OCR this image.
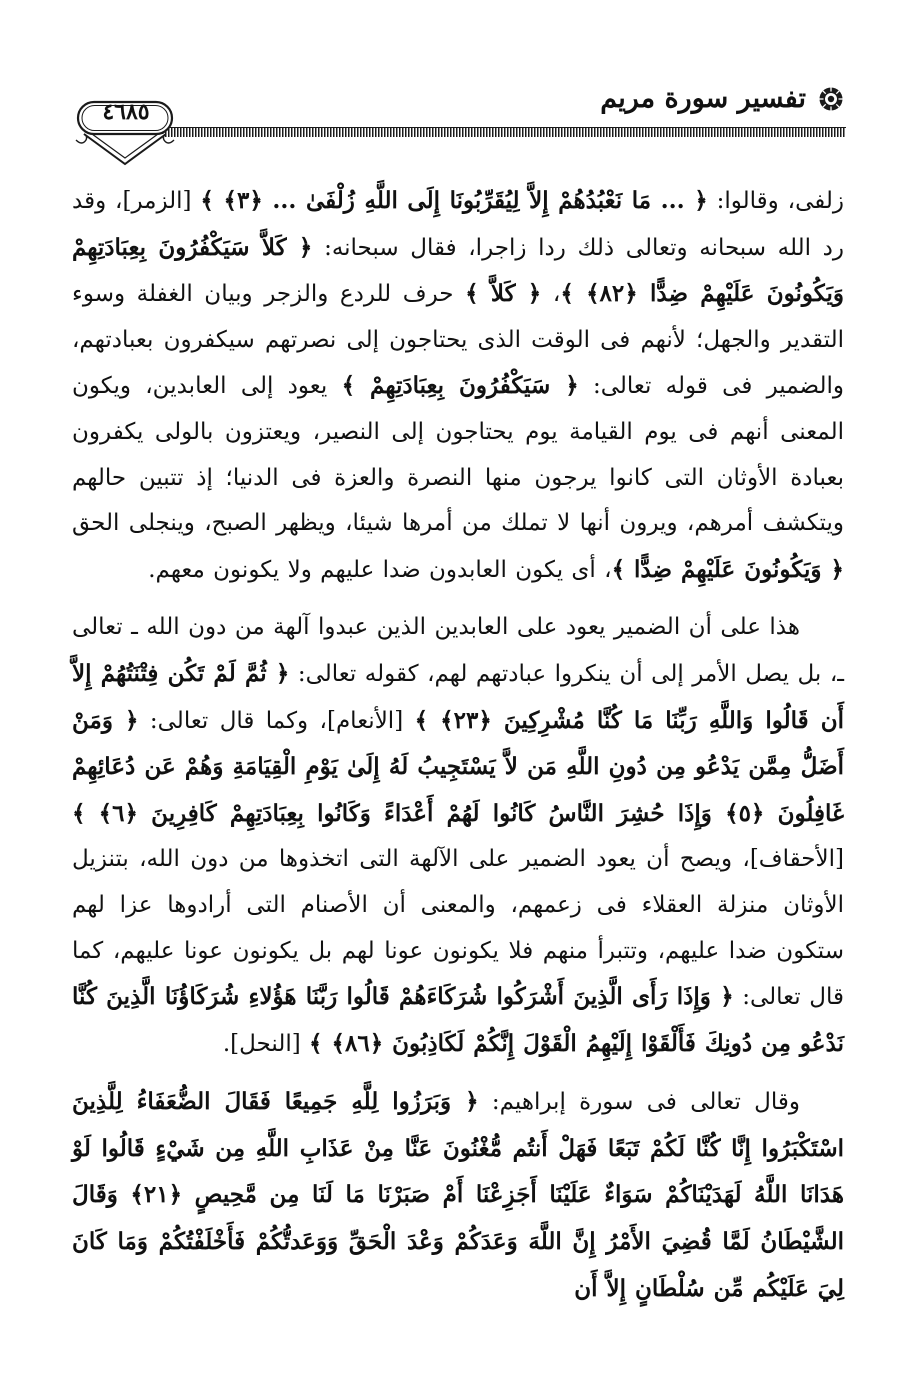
تفسير سورة مريم
٤٦٨٥

زلفى، وقالوا: ﴿ ... مَا نَعْبُدُهُمْ إِلاَّ لِيُقَرِّبُونَا إِلَى اللَّهِ زُلْفَىٰ ... ﴿٣﴾ ﴾ [الزمر]، وقد رد الله سبحانه وتعالى ذلك ردا زاجرا، فقال سبحانه: ﴿ كَلاَّ سَيَكْفُرُونَ بِعِبَادَتِهِمْ وَيَكُونُونَ عَلَيْهِمْ ضِدًّا ﴿٨٢﴾ ﴾، ﴿ كَلاَّ ﴾ حرف للردع والزجر وبيان الغفلة وسوء التقدير والجهل؛ لأنهم فى الوقت الذى يحتاجون إلى نصرتهم سيكفرون بعبادتهم، والضمير فى قوله تعالى: ﴿ سَيَكْفُرُونَ بِعِبَادَتِهِمْ ﴾ يعود إلى العابدين، ويكون المعنى أنهم فى يوم القيامة يوم يحتاجون إلى النصير، ويعتزون بالولى يكفرون بعبادة الأوثان التى كانوا يرجون منها النصرة والعزة فى الدنيا؛ إذ تتبين حالهم ويتكشف أمرهم، ويرون أنها لا تملك من أمرها شيئا، ويظهر الصبح، وينجلى الحق ﴿ وَيَكُونُونَ عَلَيْهِمْ ضِدًّا ﴾، أى يكون العابدون ضدا عليهم ولا يكونون معهم.

هذا على أن الضمير يعود على العابدين الذين عبدوا آلهة من دون الله ـ تعالى ـ، بل يصل الأمر إلى أن ينكروا عبادتهم لهم، كقوله تعالى: ﴿ ثُمَّ لَمْ تَكُن فِتْنَتُهُمْ إِلاَّ أَن قَالُوا وَاللَّهِ رَبِّنَا مَا كُنَّا مُشْرِكِينَ ﴿٢٣﴾ ﴾ [الأنعام]، وكما قال تعالى: ﴿ وَمَنْ أَضَلُّ مِمَّن يَدْعُو مِن دُونِ اللَّهِ مَن لاَّ يَسْتَجِيبُ لَهُ إِلَىٰ يَوْمِ الْقِيَامَةِ وَهُمْ عَن دُعَائِهِمْ غَافِلُونَ ﴿٥﴾ وَإِذَا حُشِرَ النَّاسُ كَانُوا لَهُمْ أَعْدَاءً وَكَانُوا بِعِبَادَتِهِمْ كَافِرِينَ ﴿٦﴾ ﴾ [الأحقاف]، ويصح أن يعود الضمير على الآلهة التى اتخذوها من دون الله، بتنزيل الأوثان منزلة العقلاء فى زعمهم، والمعنى أن الأصنام التى أرادوها عزا لهم ستكون ضدا عليهم، وتتبرأ منهم فلا يكونون عونا لهم بل يكونون عونا عليهم، كما قال تعالى: ﴿ وَإِذَا رَأَى الَّذِينَ أَشْرَكُوا شُرَكَاءَهُمْ قَالُوا رَبَّنَا هَؤُلاءِ شُرَكَاؤُنَا الَّذِينَ كُنَّا نَدْعُو مِن دُونِكَ فَأَلْقَوْا إِلَيْهِمُ الْقَوْلَ إِنَّكُمْ لَكَاذِبُونَ ﴿٨٦﴾ ﴾ [النحل].

وقال تعالى فى سورة إبراهيم: ﴿ وَبَرَزُوا لِلَّهِ جَمِيعًا فَقَالَ الضُّعَفَاءُ لِلَّذِينَ اسْتَكْبَرُوا إِنَّا كُنَّا لَكُمْ تَبَعًا فَهَلْ أَنتُم مُّغْنُونَ عَنَّا مِنْ عَذَابِ اللَّهِ مِن شَيْءٍ قَالُوا لَوْ هَدَانَا اللَّهُ لَهَدَيْنَاكُمْ سَوَاءٌ عَلَيْنَا أَجَزِعْنَا أَمْ صَبَرْنَا مَا لَنَا مِن مَّحِيصٍ ﴿٢١﴾ وَقَالَ الشَّيْطَانُ لَمَّا قُضِيَ الأَمْرُ إِنَّ اللَّهَ وَعَدَكُمْ وَعْدَ الْحَقِّ وَوَعَدتُّكُمْ فَأَخْلَفْتُكُمْ وَمَا كَانَ لِيَ عَلَيْكُم مِّن سُلْطَانٍ إِلاَّ أَن
